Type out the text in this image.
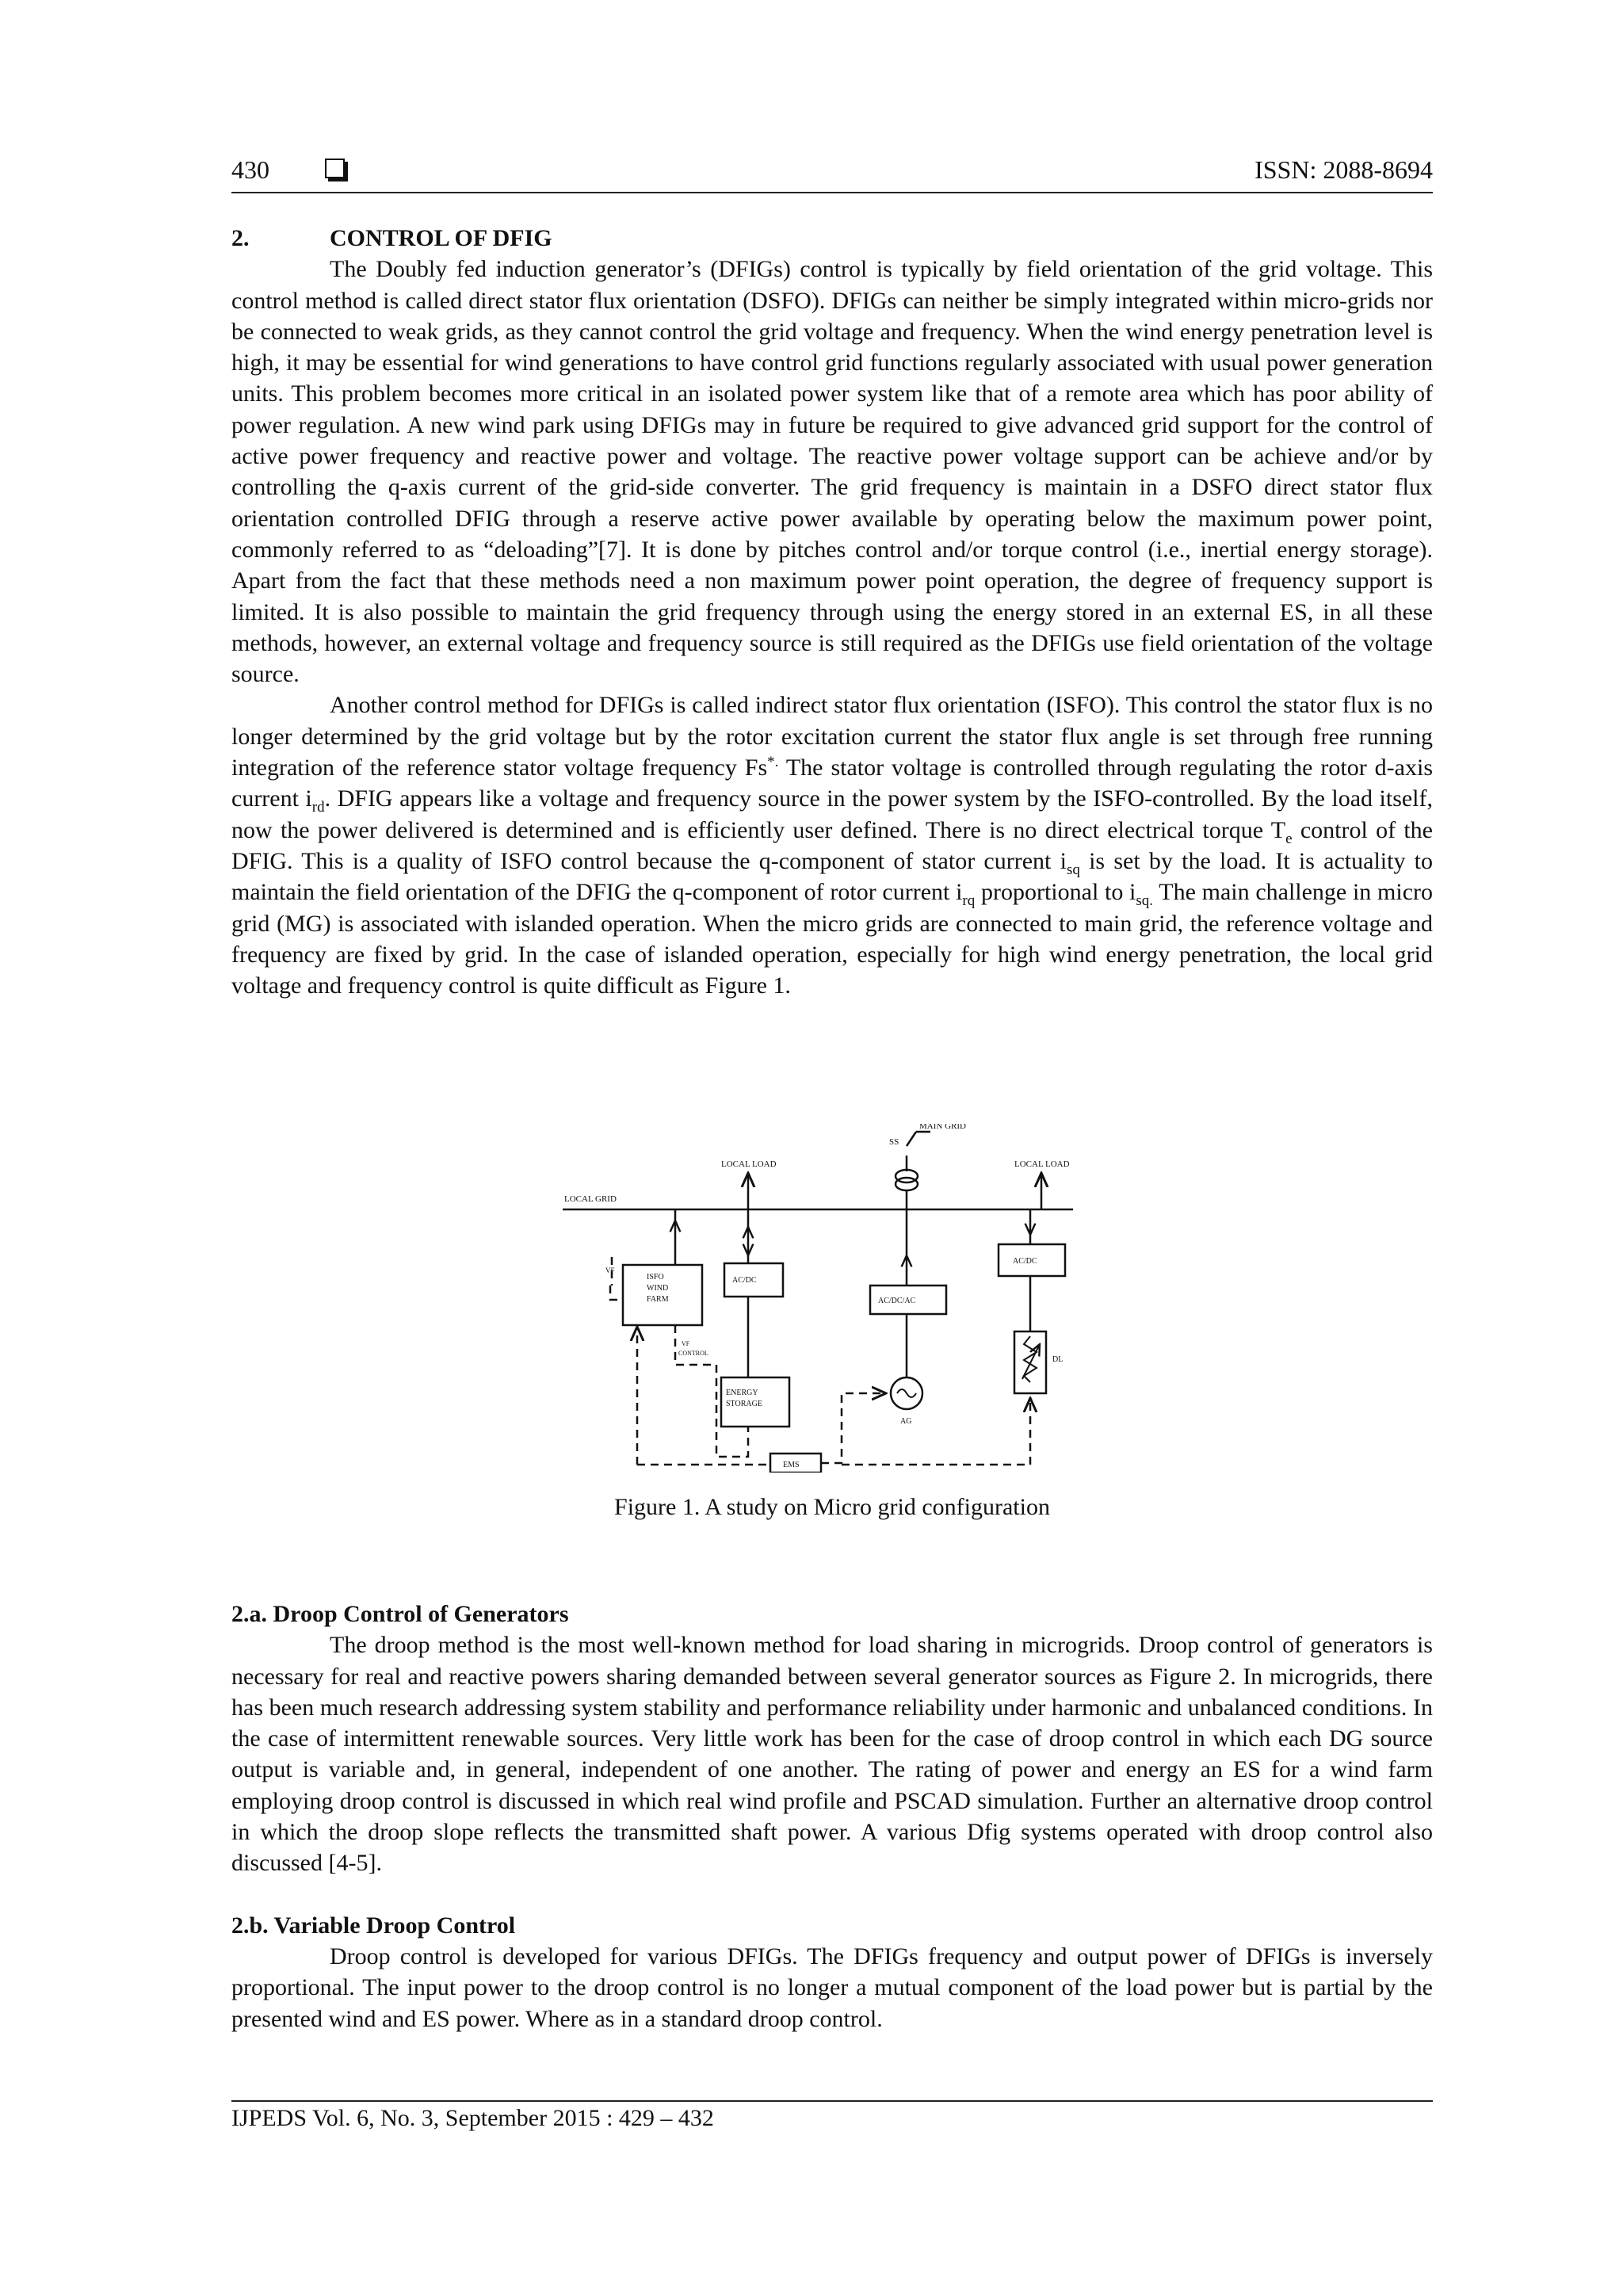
430	ISSN: 2088-8694
2.	CONTROL OF DFIG

The Doubly fed induction generator’s (DFIGs) control is typically by field orientation of the grid voltage. This control method is called direct stator flux orientation (DSFO). DFIGs can neither be simply integrated within micro-grids nor be connected to weak grids, as they cannot control the grid voltage and frequency. When the wind energy penetration level is high, it may be essential for wind generations to have control grid functions regularly associated with usual power generation units. This problem becomes more critical in an isolated power system like that of a remote area which has poor ability of power regulation. A new wind park using DFIGs may in future be required to give advanced grid support for the control of active power frequency and reactive power and voltage. The reactive power voltage support can be achieve and/or by controlling the q-axis current of the grid-side converter. The grid frequency is maintain in a DSFO direct stator flux orientation controlled DFIG through a reserve active power available by operating below the maximum power point, commonly referred to as “deloading”[7]. It is done by pitches control and/or torque control (i.e., inertial energy storage). Apart from the fact that these methods need a non maximum power point operation, the degree of frequency support is limited. It is also possible to maintain the grid frequency through using the energy stored in an external ES, in all these methods, however, an external voltage and frequency source is still required as the DFIGs use field orientation of the voltage source.

Another control method for DFIGs is called indirect stator flux orientation (ISFO). This control the stator flux is no longer determined by the grid voltage but by the rotor excitation current the stator flux angle is set through free running integration of the reference stator voltage frequency Fs*. The stator voltage is controlled through regulating the rotor d-axis current $i_{rd}$. DFIG appears like a voltage and frequency source in the power system by the ISFO-controlled. By the load itself, now the power delivered is determined and is efficiently user defined. There is no direct electrical torque $T_e$ control of the DFIG. This is a quality of ISFO control because the q-component of stator current $i_{sq}$ is set by the load. It is actuality to maintain the field orientation of the DFIG the q-component of rotor current $i_{rq}$ proportional to $i_{sq.}$ The main challenge in micro grid (MG) is associated with islanded operation. When the micro grids are connected to main grid, the reference voltage and frequency are fixed by grid. In the case of islanded operation, especially for high wind energy penetration, the local grid voltage and frequency control is quite difficult as Figure 1.

MAIN GRID
SS
LOCAL LOAD	LOCAL LOAD
LOCAL GRID
VF
ISFO
WIND
FARM
AC/DC
AC/DC/AC
AC/DC
DL
VF
CONTROL
ENERGY
STORAGE
AG
EMS
Figure 1. A study on Micro grid configuration
2.a. Droop Control of Generators

The droop method is the most well-known method for load sharing in microgrids. Droop control of generators is necessary for real and reactive powers sharing demanded between several generator sources as Figure 2. In microgrids, there has been much research addressing system stability and performance reliability under harmonic and unbalanced conditions. In the case of intermittent renewable sources. Very little work has been for the case of droop control in which each DG source output is variable and, in general, independent of one another. The rating of power and energy an ES for a wind farm employing droop control is discussed in which real wind profile and PSCAD simulation. Further an alternative droop control in which the droop slope reflects the transmitted shaft power. A various Dfig systems operated with droop control also discussed [4-5].

2.b. Variable Droop Control

Droop control is developed for various DFIGs. The DFIGs frequency and output power of DFIGs is inversely proportional. The input power to the droop control is no longer a mutual component of the load power but is partial by the presented wind and ES power. Where as in a standard droop control.

IJPEDS Vol. 6, No. 3, September 2015 : 429 – 432
